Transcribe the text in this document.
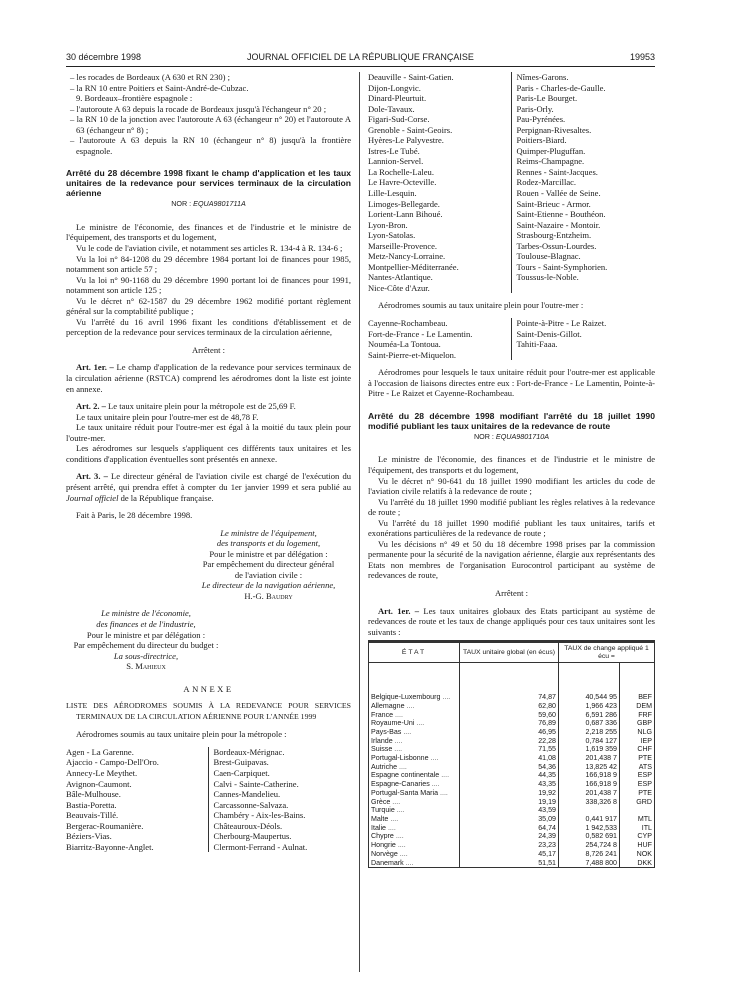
30 décembre 1998	JOURNAL OFFICIEL DE LA RÉPUBLIQUE FRANÇAISE	19953

– les rocades de Bordeaux (A 630 et RN 230) ;

– la RN 10 entre Poitiers et Saint-André-de-Cubzac.

9. Bordeaux–frontière espagnole :

– l'autoroute A 63 depuis la rocade de Bordeaux jusqu'à l'échangeur n° 20 ;

– la RN 10 de la jonction avec l'autoroute A 63 (échangeur n° 20) et l'autoroute A 63 (échangeur n° 8) ;

– l'autoroute A 63 depuis la RN 10 (échangeur n° 8) jusqu'à la frontière espagnole.

Arrêté du 28 décembre 1998 fixant le champ d'application et les taux unitaires de la redevance pour services terminaux de la circulation aérienne

NOR : EQUA9801711A

Le ministre de l'économie, des finances et de l'industrie et le ministre de l'équipement, des transports et du logement,

Vu le code de l'aviation civile, et notamment ses articles R. 134-4 à R. 134-6 ;

Vu la loi n° 84-1208 du 29 décembre 1984 portant loi de finances pour 1985, notamment son article 57 ;

Vu la loi n° 90-1168 du 29 décembre 1990 portant loi de finances pour 1991, notamment son article 125 ;

Vu le décret n° 62-1587 du 29 décembre 1962 modifié portant règlement général sur la comptabilité publique ;

Vu l'arrêté du 16 avril 1996 fixant les conditions d'établissement et de perception de la redevance pour services terminaux de la circulation aérienne,

Arrêtent :

Art. 1er. – Le champ d'application de la redevance pour services terminaux de la circulation aérienne (RSTCA) comprend les aérodromes dont la liste est jointe en annexe.

Art. 2. – Le taux unitaire plein pour la métropole est de 25,69 F.

Le taux unitaire plein pour l'outre-mer est de 48,78 F.

Le taux unitaire réduit pour l'outre-mer est égal à la moitié du taux plein pour l'outre-mer.

Les aérodromes sur lesquels s'appliquent ces différents taux unitaires et les conditions d'application éventuelles sont présentés en annexe.

Art. 3. – Le directeur général de l'aviation civile est chargé de l'exécution du présent arrêté, qui prendra effet à compter du 1er janvier 1999 et sera publié au Journal officiel de la République française.

Fait à Paris, le 28 décembre 1998.

Le ministre de l'équipement,
des transports et du logement,
Pour le ministre et par délégation :
Par empêchement du directeur général
de l'aviation civile :
Le directeur de la navigation aérienne,
H.-G. Baudry
Le ministre de l'économie,
des finances et de l'industrie,
Pour le ministre et par délégation :
Par empêchement du directeur du budget :
La sous-directrice,
S. Mahieux

ANNEXE

LISTE DES AÉRODROMES SOUMIS À LA REDEVANCE POUR SERVICES TERMINAUX DE LA CIRCULATION AÉRIENNE POUR L'ANNÉE 1999

Aérodromes soumis au taux unitaire plein pour la métropole :

Agen - La Garenne.
Ajaccio - Campo-Dell'Oro.
Annecy-Le Meythet.
Avignon-Caumont.
Bâle-Mulhouse.
Bastia-Poretta.
Beauvais-Tillé.
Bergerac-Roumanière.
Béziers-Vias.
Biarritz-Bayonne-Anglet.
Bordeaux-Mérignac.
Brest-Guipavas.
Caen-Carpiquet.
Calvi - Sainte-Catherine.
Cannes-Mandelieu.
Carcassonne-Salvaza.
Chambéry - Aix-les-Bains.
Châteauroux-Déols.
Cherbourg-Maupertus.
Clermont-Ferrand - Aulnat.
Deauville - Saint-Gatien.
Dijon-Longvic.
Dinard-Pleurtuit.
Dole-Tavaux.
Figari-Sud-Corse.
Grenoble - Saint-Geoirs.
Hyères-Le Palyvestre.
Istres-Le Tubé.
Lannion-Servel.
La Rochelle-Laleu.
Le Havre-Octeville.
Lille-Lesquin.
Limoges-Bellegarde.
Lorient-Lann Bihoué.
Lyon-Bron.
Lyon-Satolas.
Marseille-Provence.
Metz-Nancy-Lorraine.
Montpellier-Méditerranée.
Nantes-Atlantique.
Nice-Côte d'Azur.
Nîmes-Garons.
Paris - Charles-de-Gaulle.
Paris-Le Bourget.
Paris-Orly.
Pau-Pyrénées.
Perpignan-Rivesaltes.
Poitiers-Biard.
Quimper-Pluguffan.
Reims-Champagne.
Rennes - Saint-Jacques.
Rodez-Marcillac.
Rouen - Vallée de Seine.
Saint-Brieuc - Armor.
Saint-Etienne - Bouthéon.
Saint-Nazaire - Montoir.
Strasbourg-Entzheim.
Tarbes-Ossun-Lourdes.
Toulouse-Blagnac.
Tours - Saint-Symphorien.
Toussus-le-Noble.

Aérodromes soumis au taux unitaire plein pour l'outre-mer :

Cayenne-Rochambeau.
Fort-de-France - Le Lamentin.
Nouméa-La Tontoua.
Saint-Pierre-et-Miquelon.
Pointe-à-Pitre - Le Raizet.
Saint-Denis-Gillot.
Tahiti-Faaa.

Aérodromes pour lesquels le taux unitaire réduit pour l'outre-mer est applicable à l'occasion de liaisons directes entre eux : Fort-de-France - Le Lamentin, Pointe-à-Pitre - Le Raizet et Cayenne-Rochambeau.

Arrêté du 28 décembre 1998 modifiant l'arrêté du 18 juillet 1990 modifié publiant les taux unitaires de la redevance de route

NOR : EQUA9801710A

Le ministre de l'économie, des finances et de l'industrie et le ministre de l'équipement, des transports et du logement,

Vu le décret n° 90-641 du 18 juillet 1990 modifiant les articles du code de l'aviation civile relatifs à la redevance de route ;

Vu l'arrêté du 18 juillet 1990 modifié publiant les règles relatives à la redevance de route ;

Vu l'arrêté du 18 juillet 1990 modifié publiant les taux unitaires, tarifs et exonérations particulières de la redevance de route ;

Vu les décisions n° 49 et 50 du 18 décembre 1998 prises par la commission permanente pour la sécurité de la navigation aérienne, élargie aux représentants des Etats non membres de l'organisation Eurocontrol participant au système de redevances de route,

Arrêtent :

Art. 1er. – Les taux unitaires globaux des Etats participant au système de redevances de route et les taux de change appliqués pour ces taux unitaires sont les suivants :

ÉTAT	TAUX unitaire global (en écus)	TAUX de change appliqué 1 écu =	
Belgique-Luxembourg ....	74,87	40,544 95	BEF
Allemagne ....	62,80	1,966 423	DEM
France ....	59,60	6,591 286	FRF
Royaume-Uni ....	76,89	0,687 336	GBP
Pays-Bas ....	46,95	2,218 255	NLG
Irlande ....	22,28	0,784 127	IEP
Suisse ....	71,55	1,619 359	CHF
Portugal-Lisbonne ....	41,08	201,438 7	PTE
Autriche ....	54,36	13,825 42	ATS
Espagne continentale ....	44,35	166,918 9	ESP
Espagne-Canaries ....	43,35	166,918 9	ESP
Portugal-Santa Maria ....	19,92	201,438 7	PTE
Grèce ....	19,19	338,326 8	GRD
Turquie ....	43,59		
Malte ....	35,09	0,441 917	MTL
Italie ....	64,74	1 942,533	ITL
Chypre ....	24,39	0,582 691	CYP
Hongrie ....	23,23	254,724 8	HUF
Norvège ....	45,17	8,726 241	NOK
Danemark ....	51,51	7,488 800	DKK
